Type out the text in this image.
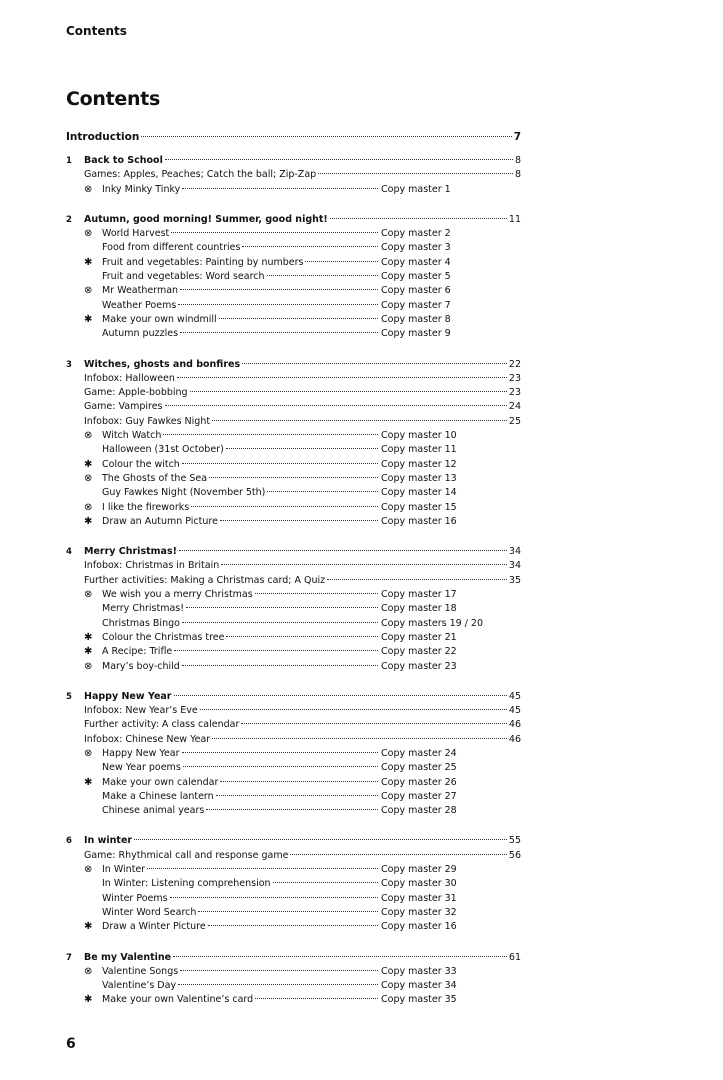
Contents
Contents
Introduction	7
1	Back to School	8
Games: Apples, Peaches; Catch the ball; Zip-Zap	8
⊗	Inky Minky Tinky	Copy master 1
2	Autumn, good morning! Summer, good night!	11
⊗	World Harvest	Copy master 2
Food from different countries	Copy master 3
✱	Fruit and vegetables: Painting by numbers	Copy master 4
Fruit and vegetables: Word search	Copy master 5
⊗	Mr Weatherman	Copy master 6
Weather Poems	Copy master 7
✱	Make your own windmill	Copy master 8
Autumn puzzles	Copy master 9
3	Witches, ghosts and bonfires	22
Infobox: Halloween	23
Game: Apple-bobbing	23
Game: Vampires	24
Infobox: Guy Fawkes Night	25
⊗	Witch Watch	Copy master 10
Halloween (31st October)	Copy master 11
✱	Colour the witch	Copy master 12
⊗	The Ghosts of the Sea	Copy master 13
Guy Fawkes Night (November 5th)	Copy master 14
⊗	I like the fireworks	Copy master 15
✱	Draw an Autumn Picture	Copy master 16
4	Merry Christmas!	34
Infobox: Christmas in Britain	34
Further activities: Making a Christmas card; A Quiz	35
⊗	We wish you a merry Christmas	Copy master 17
Merry Christmas!	Copy master 18
Christmas Bingo	Copy masters 19 / 20
✱	Colour the Christmas tree	Copy master 21
✱	A Recipe: Trifle	Copy master 22
⊗	Mary’s boy-child	Copy master 23
5	Happy New Year	45
Infobox: New Year’s Eve	45
Further activity: A class calendar	46
Infobox: Chinese New Year	46
⊗	Happy New Year	Copy master 24
New Year poems	Copy master 25
✱	Make your own calendar	Copy master 26
Make a Chinese lantern	Copy master 27
Chinese animal years	Copy master 28
6	In winter	55
Game: Rhythmical call and response game	56
⊗	In Winter	Copy master 29
In Winter: Listening comprehension	Copy master 30
Winter Poems	Copy master 31
Winter Word Search	Copy master 32
✱	Draw a Winter Picture	Copy master 16
7	Be my Valentine	61
⊗	Valentine Songs	Copy master 33
Valentine’s Day	Copy master 34
✱	Make your own Valentine’s card	Copy master 35
6
